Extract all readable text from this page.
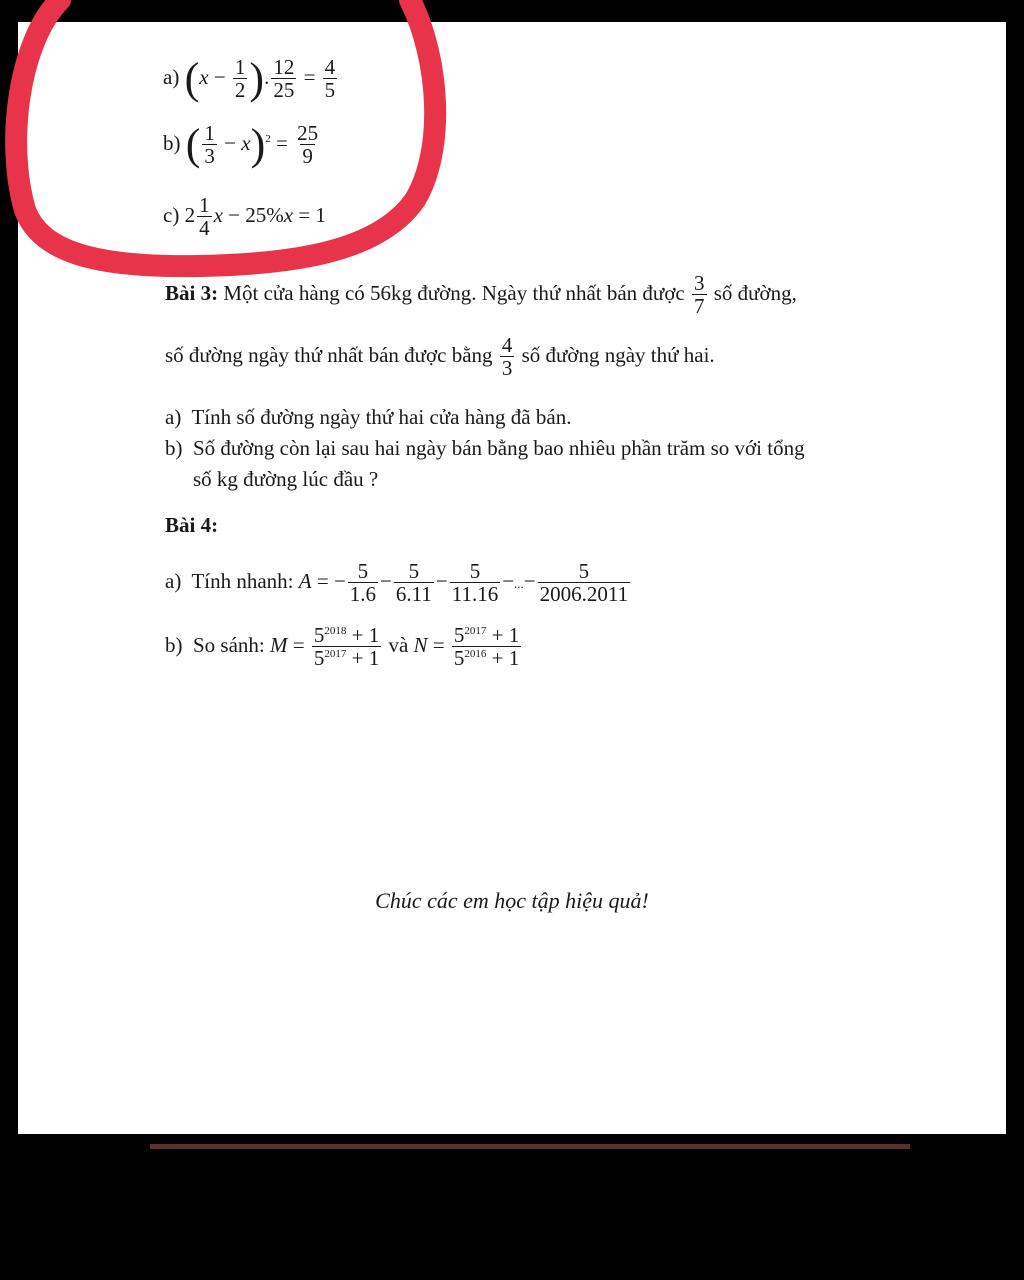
a) ($x - \frac{1}{2}$ ). $\frac{12}{25} = \frac{4}{5}$
b) ( $\frac{1}{3} - x)^2 = \frac{25}{9}$
c) $2 \frac{1}{4}$ x − 25%x = 1
Bài 3: Một cửa hàng có 56kg đường. Ngày thứ nhất bán được $\frac{3}{7}$ số đường,
số đường ngày thứ nhất bán được bằng $\frac{4}{3}$ số đường ngày thứ hai.
a) Tính số đường ngày thứ hai cửa hàng đã bán.
b) Số đường còn lại sau hai ngày bán bằng bao nhiêu phần trăm so với tổng
số kg đường lúc đầu ?
Bài 4:
a) Tính nhanh: A = − $\frac{5}{1.6} - \frac{5}{6.11} - \frac{5}{11.16}$ −...− $\frac{5}{2006.2011}$
b) So sánh: $M = \frac{5^{2018} + 1}{5^{2017} + 1}$ và $N = \frac{5^{2017} + 1}{5^{2016} + 1}$
Chúc các em học tập hiệu quả!
